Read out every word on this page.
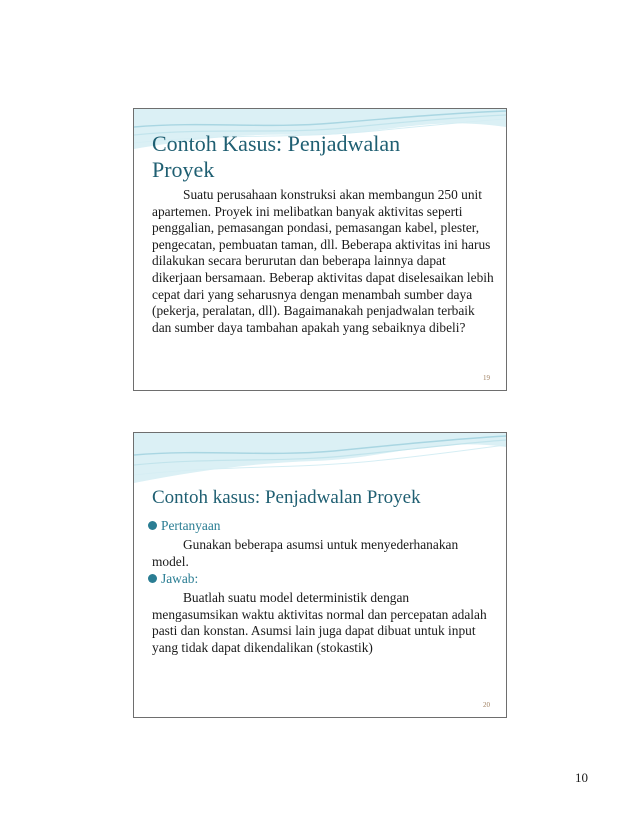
Contoh Kasus: Penjadwalan Proyek
Suatu perusahaan konstruksi akan membangun 250 unit apartemen. Proyek ini melibatkan banyak aktivitas seperti penggalian, pemasangan pondasi, pemasangan kabel, plester, pengecatan, pembuatan taman, dll. Beberapa aktivitas ini harus dilakukan secara berurutan dan beberapa lainnya dapat dikerjaan bersamaan. Beberap aktivitas dapat diselesaikan lebih cepat dari yang seharusnya dengan menambah sumber daya (pekerja, peralatan, dll). Bagaimanakah penjadwalan terbaik dan sumber daya tambahan apakah yang sebaiknya dibeli?
19
Contoh kasus: Penjadwalan Proyek
Pertanyaan
Gunakan beberapa asumsi untuk menyederhanakan model.
Jawab:
Buatlah suatu model deterministik dengan mengasumsikan waktu aktivitas normal dan percepatan adalah pasti dan konstan. Asumsi lain juga dapat dibuat untuk input yang tidak dapat dikendalikan (stokastik)
20
10
